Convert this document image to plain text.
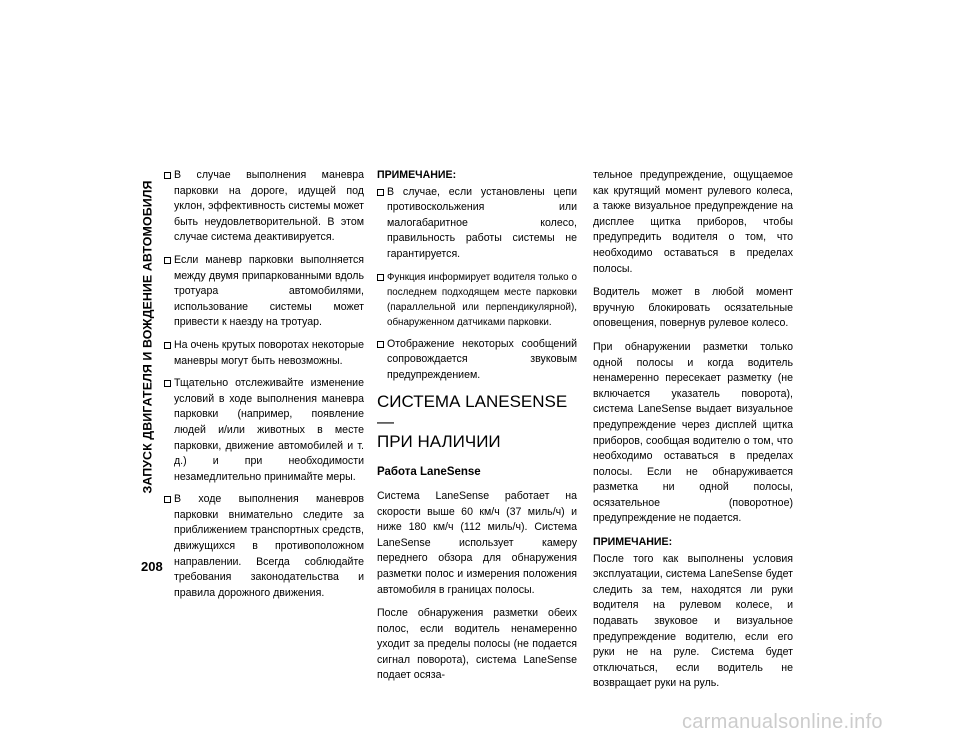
ЗАПУСК ДВИГАТЕЛЯ И ВОЖДЕНИЕ АВТОМОБИЛЯ
208
В случае выполнения маневра парковки на дороге, идущей под уклон, эффективность системы может быть неудовлетворительной. В этом случае система деактивируется.
Если маневр парковки выполняется между двумя припаркованными вдоль тротуара автомобилями, использование системы может привести к наезду на тротуар.
На очень крутых поворотах некоторые маневры могут быть невозможны.
Тщательно отслеживайте изменение условий в ходе выполнения маневра парковки (например, появление людей и/или животных в месте парковки, движение автомобилей и т. д.) и при необходимости незамедлительно принимайте меры.
В ходе выполнения маневров парковки внимательно следите за приближением транспортных средств, движущихся в противоположном направлении. Всегда соблюдайте требования законодательства и правила дорожного движения.
ПРИМЕЧАНИЕ:
В случае, если установлены цепи противоскольжения или малогабаритное колесо, правильность работы системы не гарантируется.
Функция информирует водителя только о последнем подходящем месте парковки (параллельной или перпендикулярной), обнаруженном датчиками парковки.
Отображение некоторых сообщений сопровождается звуковым предупреждением.
СИСТЕМА LANESENSE —
ПРИ НАЛИЧИИ
Работа LaneSense
Система LaneSense работает на скорости выше 60 км/ч (37 миль/ч) и ниже 180 км/ч (112 миль/ч). Система LaneSense использует камеру переднего обзора для обнаружения разметки полос и измерения положения автомобиля в границах полосы.
После обнаружения разметки обеих полос, если водитель ненамеренно уходит за пределы полосы (не подается сигнал поворота), система LaneSense подает осяза-
тельное предупреждение, ощущаемое как крутящий момент рулевого колеса, а также визуальное предупреждение на дисплее щитка приборов, чтобы предупредить водителя о том, что необходимо оставаться в пределах полосы.
Водитель может в любой момент вручную блокировать осязательные оповещения, повернув рулевое колесо.
При обнаружении разметки только одной полосы и когда водитель ненамеренно пересекает разметку (не включается указатель поворота), система LaneSense выдает визуальное предупреждение через дисплей щитка приборов, сообщая водителю о том, что необходимо оставаться в пределах полосы. Если не обнаруживается разметка ни одной полосы, осязательное (поворотное) предупреждение не подается.
ПРИМЕЧАНИЕ:
После того как выполнены условия эксплуатации, система LaneSense будет следить за тем, находятся ли руки водителя на рулевом колесе, и подавать звуковое и визуальное предупреждение водителю, если его руки не на руле. Система будет отключаться, если водитель не возвращает руки на руль.
carmanualsonline.info
